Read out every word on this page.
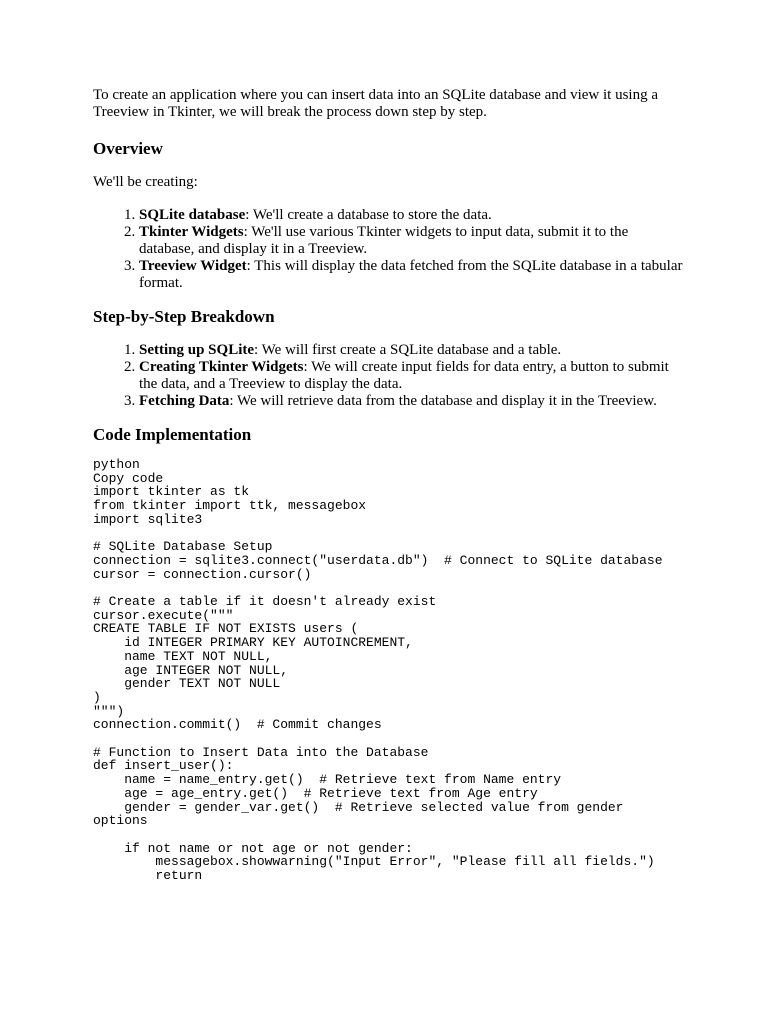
To create an application where you can insert data into an SQLite database and view it using a Treeview in Tkinter, we will break the process down step by step.

Overview

We'll be creating:

1. SQLite database: We'll create a database to store the data.
2. Tkinter Widgets: We'll use various Tkinter widgets to input data, submit it to the database, and display it in a Treeview.
3. Treeview Widget: This will display the data fetched from the SQLite database in a tabular format.
Step-by-Step Breakdown
1. Setting up SQLite: We will first create a SQLite database and a table.
2. Creating Tkinter Widgets: We will create input fields for data entry, a button to submit the data, and a Treeview to display the data.
3. Fetching Data: We will retrieve data from the database and display it in the Treeview.
Code Implementation
python
Copy code
import tkinter as tk
from tkinter import ttk, messagebox
import sqlite3

# SQLite Database Setup
connection = sqlite3.connect("userdata.db")  # Connect to SQLite database
cursor = connection.cursor()

# Create a table if it doesn't already exist
cursor.execute("""
CREATE TABLE IF NOT EXISTS users (
id INTEGER PRIMARY KEY AUTOINCREMENT,
name TEXT NOT NULL,
age INTEGER NOT NULL,
gender TEXT NOT NULL
)
""")
connection.commit()  # Commit changes

# Function to Insert Data into the Database
def insert_user():
name = name_entry.get()  # Retrieve text from Name entry
age = age_entry.get()  # Retrieve text from Age entry
gender = gender_var.get()  # Retrieve selected value from gender
options

if not name or not age or not gender:
messagebox.showwarning("Input Error", "Please fill all fields.")
return
